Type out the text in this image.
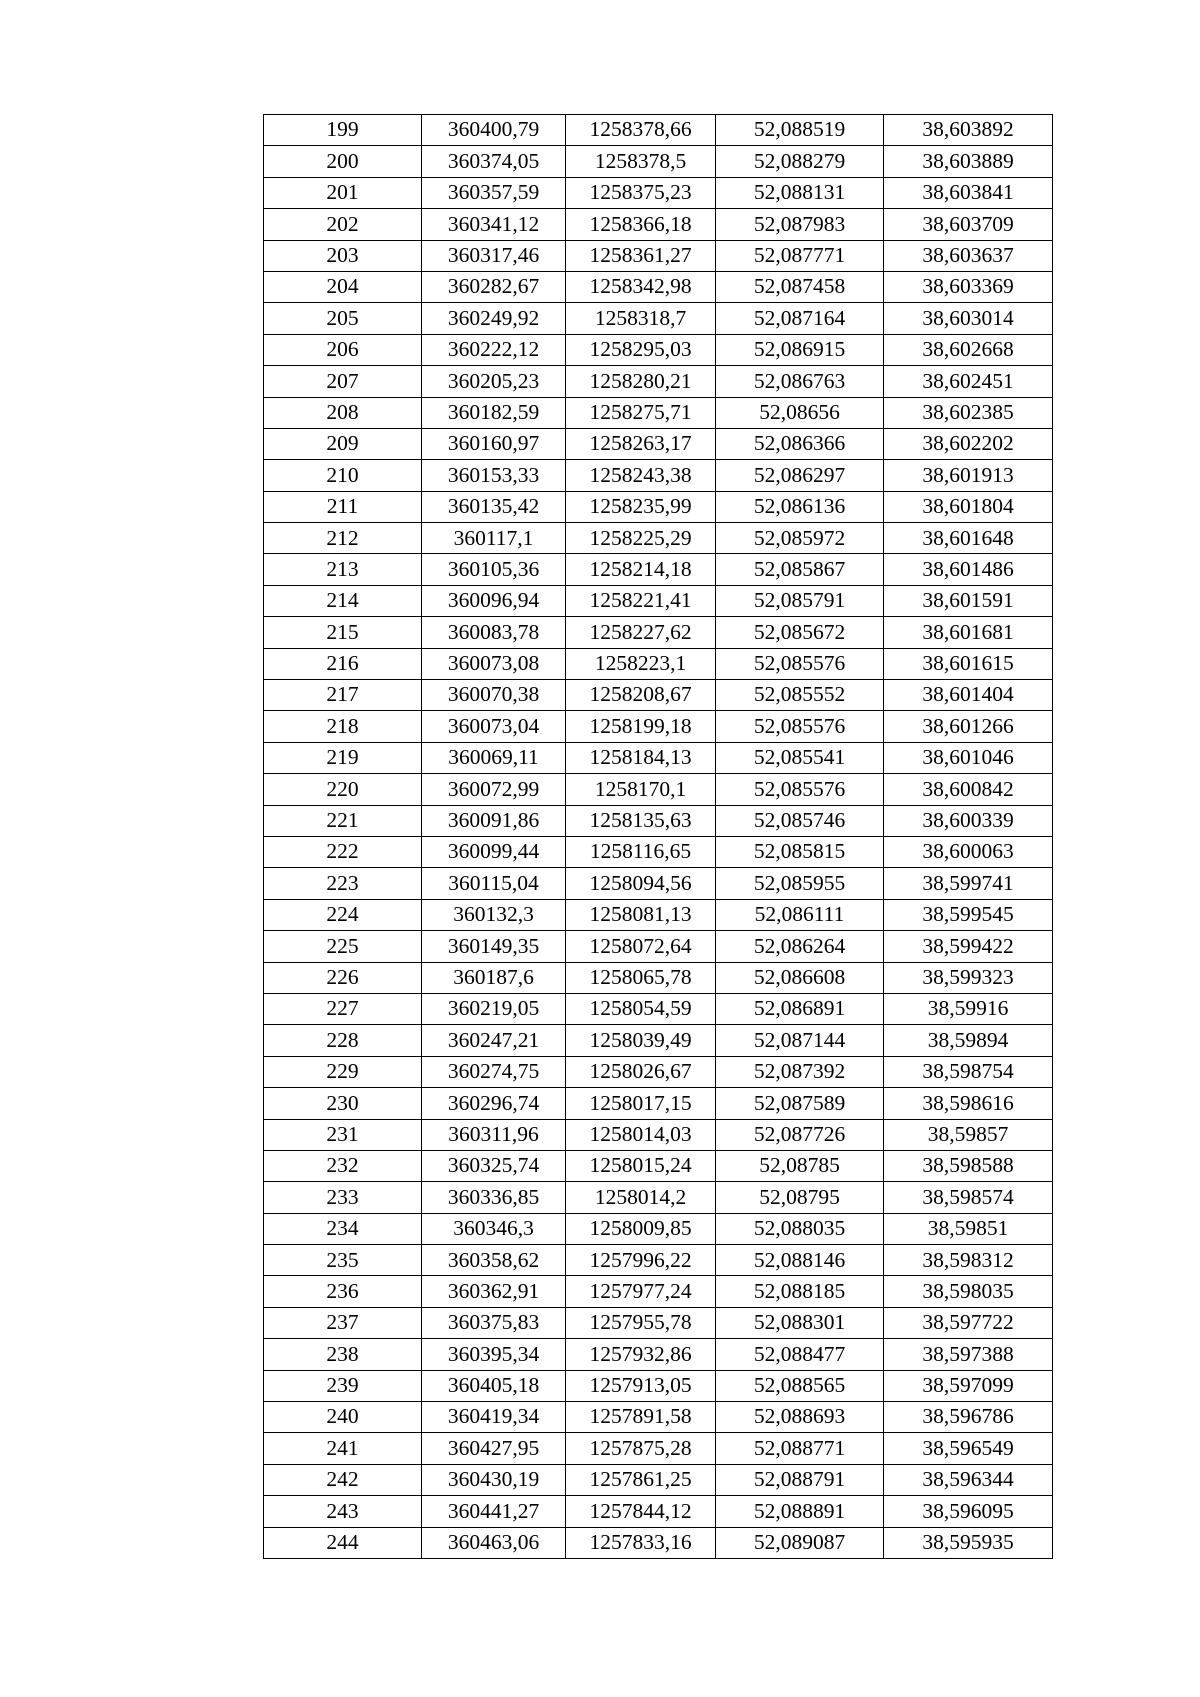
199	360400,79	1258378,66	52,088519	38,603892
200	360374,05	1258378,5	52,088279	38,603889
201	360357,59	1258375,23	52,088131	38,603841
202	360341,12	1258366,18	52,087983	38,603709
203	360317,46	1258361,27	52,087771	38,603637
204	360282,67	1258342,98	52,087458	38,603369
205	360249,92	1258318,7	52,087164	38,603014
206	360222,12	1258295,03	52,086915	38,602668
207	360205,23	1258280,21	52,086763	38,602451
208	360182,59	1258275,71	52,08656	38,602385
209	360160,97	1258263,17	52,086366	38,602202
210	360153,33	1258243,38	52,086297	38,601913
211	360135,42	1258235,99	52,086136	38,601804
212	360117,1	1258225,29	52,085972	38,601648
213	360105,36	1258214,18	52,085867	38,601486
214	360096,94	1258221,41	52,085791	38,601591
215	360083,78	1258227,62	52,085672	38,601681
216	360073,08	1258223,1	52,085576	38,601615
217	360070,38	1258208,67	52,085552	38,601404
218	360073,04	1258199,18	52,085576	38,601266
219	360069,11	1258184,13	52,085541	38,601046
220	360072,99	1258170,1	52,085576	38,600842
221	360091,86	1258135,63	52,085746	38,600339
222	360099,44	1258116,65	52,085815	38,600063
223	360115,04	1258094,56	52,085955	38,599741
224	360132,3	1258081,13	52,086111	38,599545
225	360149,35	1258072,64	52,086264	38,599422
226	360187,6	1258065,78	52,086608	38,599323
227	360219,05	1258054,59	52,086891	38,59916
228	360247,21	1258039,49	52,087144	38,59894
229	360274,75	1258026,67	52,087392	38,598754
230	360296,74	1258017,15	52,087589	38,598616
231	360311,96	1258014,03	52,087726	38,59857
232	360325,74	1258015,24	52,08785	38,598588
233	360336,85	1258014,2	52,08795	38,598574
234	360346,3	1258009,85	52,088035	38,59851
235	360358,62	1257996,22	52,088146	38,598312
236	360362,91	1257977,24	52,088185	38,598035
237	360375,83	1257955,78	52,088301	38,597722
238	360395,34	1257932,86	52,088477	38,597388
239	360405,18	1257913,05	52,088565	38,597099
240	360419,34	1257891,58	52,088693	38,596786
241	360427,95	1257875,28	52,088771	38,596549
242	360430,19	1257861,25	52,088791	38,596344
243	360441,27	1257844,12	52,088891	38,596095
244	360463,06	1257833,16	52,089087	38,595935
